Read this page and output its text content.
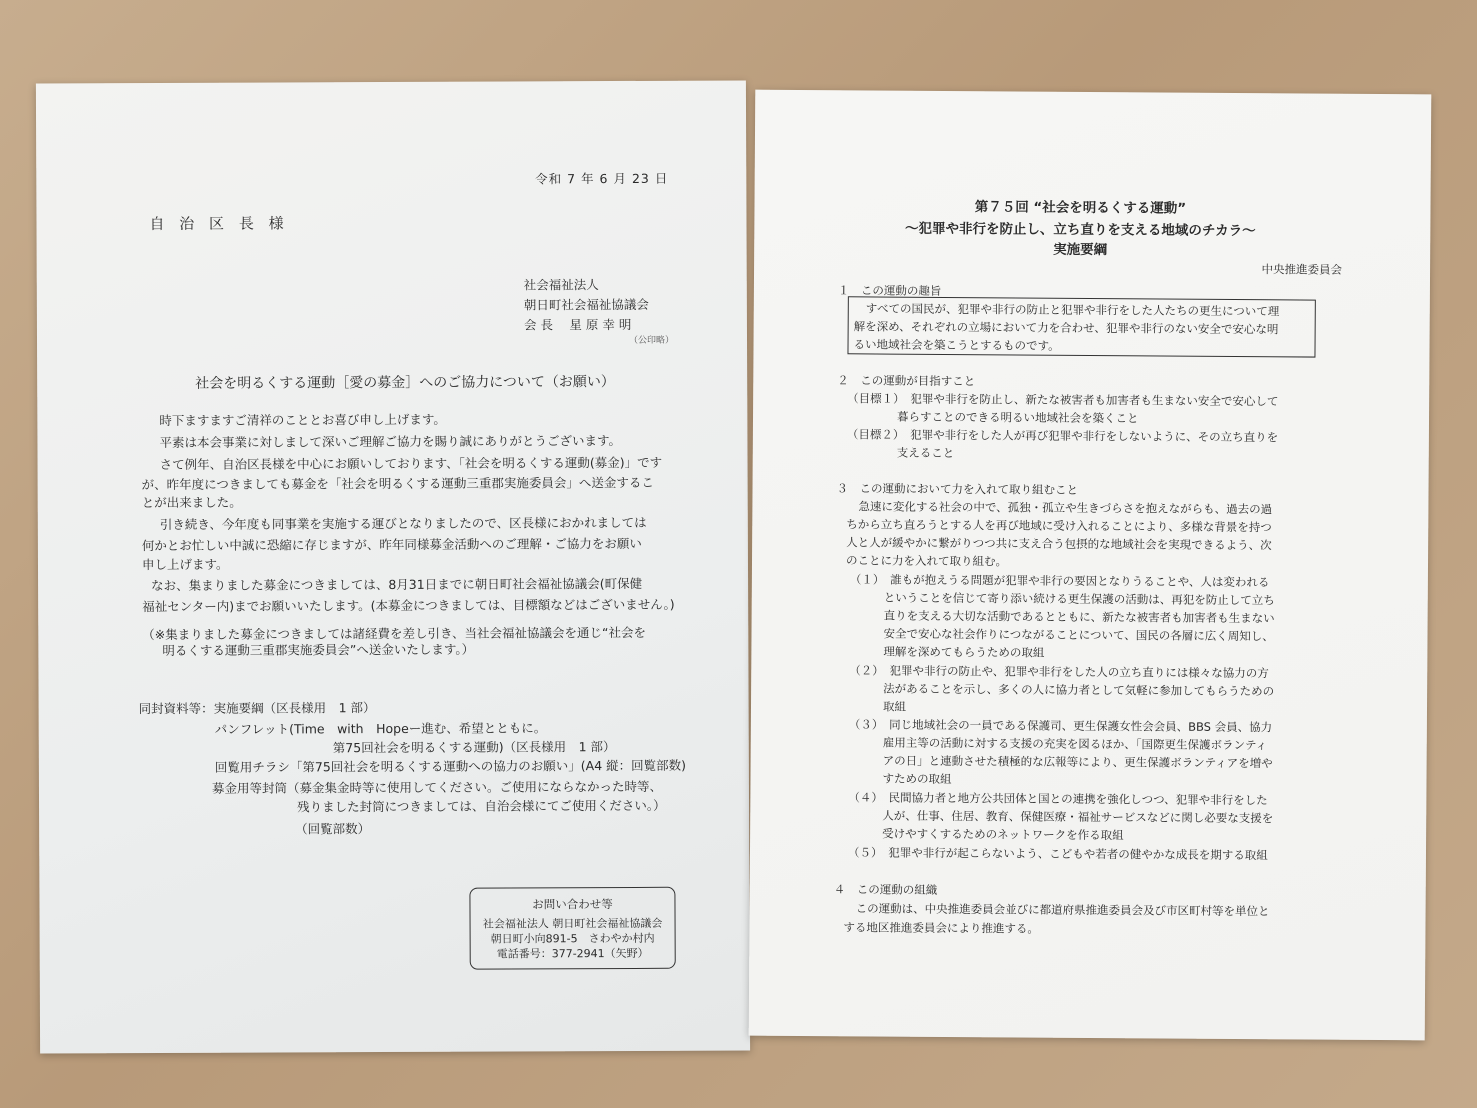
令和 7 年 6 月 23 日
自 治 区 長 様
社会福祉法人
朝日町社会福祉協議会
会 長　 星 原 幸 明
（公印略）
社会を明るくする運動［愛の募金］へのご協力について（お願い）
時下ますますご清祥のこととお喜び申し上げます。
平素は本会事業に対しまして深いご理解ご協力を賜り誠にありがとうございます。
さて例年、自治区長様を中心にお願いしております、「社会を明るくする運動(募金)」です
が、昨年度につきましても募金を「社会を明るくする運動三重郡実施委員会」へ送金するこ
とが出来ました。
引き続き、今年度も同事業を実施する運びとなりましたので、区長様におかれましては
何かとお忙しい中誠に恐縮に存じますが、昨年同様募金活動へのご理解・ご協力をお願い
申し上げます。
なお、集まりました募金につきましては、8月31日までに朝日町社会福祉協議会(町保健
福祉センター内)までお願いいたします。(本募金につきましては、目標額などはございません。)
（※集まりました募金につきましては諸経費を差し引き、当社会福祉協議会を通じ“社会を
明るくする運動三重郡実施委員会”へ送金いたします。）
同封資料等：実施要綱（区長様用　1 部）
パンフレット(Time　with　Hopeー進む、希望とともに。
第75回社会を明るくする運動)（区長様用　1 部）
回覧用チラシ「第75回社会を明るくする運動への協力のお願い」(A4 縦：回覧部数)
募金用等封筒（募金集金時等に使用してください。ご使用にならなかった時等、
残りました封筒につきましては、自治会様にてご使用ください。）
（回覧部数）
お問い合わせ等
社会福祉法人 朝日町社会福祉協議会
朝日町小向891-5　さわやか村内
電話番号：377-2941（矢野）
第７５回 “社会を明るくする運動”
～犯罪や非行を防止し、立ち直りを支える地域のチカラ～
実施要綱
中央推進委員会
１　この運動の趣旨
すべての国民が、犯罪や非行の防止と犯罪や非行をした人たちの更生について理
解を深め、それぞれの立場において力を合わせ、犯罪や非行のない安全で安心な明
るい地域社会を築こうとするものです。
２　この運動が目指すこと
（目標１）　犯罪や非行を防止し、新たな被害者も加害者も生まない安全で安心して
暮らすことのできる明るい地域社会を築くこと
（目標２）　犯罪や非行をした人が再び犯罪や非行をしないように、その立ち直りを
支えること
３　この運動において力を入れて取り組むこと
急速に変化する社会の中で、孤独・孤立や生きづらさを抱えながらも、過去の過
ちから立ち直ろうとする人を再び地域に受け入れることにより、多様な背景を持つ
人と人が緩やかに繋がりつつ共に支え合う包摂的な地域社会を実現できるよう、次
のことに力を入れて取り組む。
（１）　誰もが抱えうる問題が犯罪や非行の要因となりうることや、人は変われる
ということを信じて寄り添い続ける更生保護の活動は、再犯を防止して立ち
直りを支える大切な活動であるとともに、新たな被害者も加害者も生まない
安全で安心な社会作りにつながることについて、国民の各層に広く周知し、
理解を深めてもらうための取組
（２）　犯罪や非行の防止や、犯罪や非行をした人の立ち直りには様々な協力の方
法があることを示し、多くの人に協力者として気軽に参加してもらうための
取組
（３）　同じ地域社会の一員である保護司、更生保護女性会会員、BBS 会員、協力
雇用主等の活動に対する支援の充実を図るほか、「国際更生保護ボランティ
アの日」と連動させた積極的な広報等により、更生保護ボランティアを増や
すための取組
（４）　民間協力者と地方公共団体と国との連携を強化しつつ、犯罪や非行をした
人が、仕事、住居、教育、保健医療・福祉サービスなどに関し必要な支援を
受けやすくするためのネットワークを作る取組
（５）　犯罪や非行が起こらないよう、こどもや若者の健やかな成長を期する取組
４　この運動の組織
この運動は、中央推進委員会並びに都道府県推進委員会及び市区町村等を単位と
する地区推進委員会により推進する。
